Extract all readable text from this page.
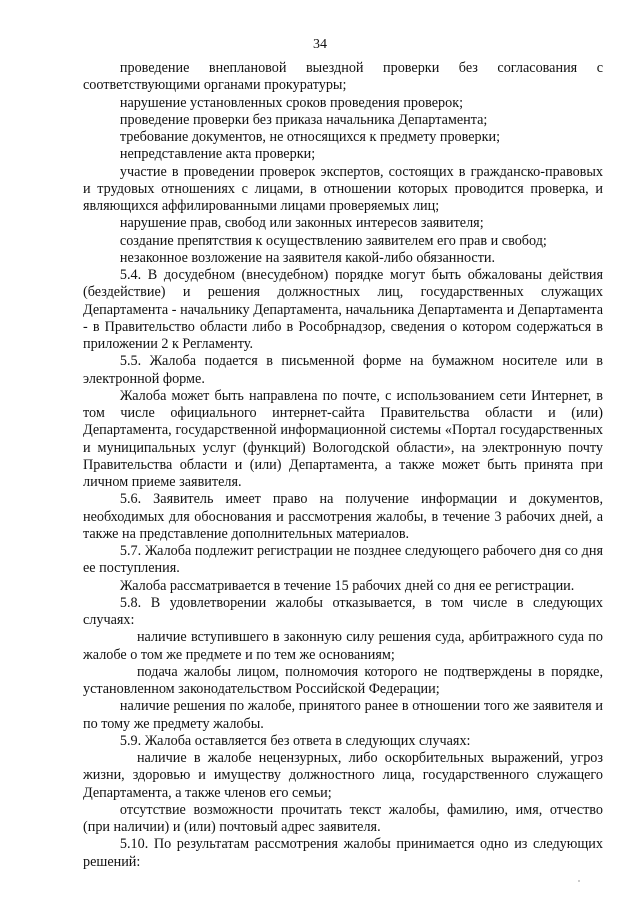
34

проведение внеплановой выездной проверки без согласования с соответствующими органами прокуратуры;

нарушение установленных сроков проведения проверок;

проведение проверки без приказа начальника Департамента;

требование документов, не относящихся к предмету проверки;

непредставление акта проверки;

участие в проведении проверок экспертов, состоящих в гражданско-правовых и трудовых отношениях с лицами, в отношении которых проводится проверка, и являющихся аффилированными лицами проверяемых лиц;

нарушение прав, свобод или законных интересов заявителя;

создание препятствия к осуществлению заявителем его прав и свобод;

незаконное возложение на заявителя какой-либо обязанности.

5.4. В досудебном (внесудебном) порядке могут быть обжалованы действия (бездействие) и решения должностных лиц, государственных служащих Департамента - начальнику Департамента, начальника Департамента и Департамента - в Правительство области либо в Рособрнадзор, сведения о котором содержаться в приложении 2 к Регламенту.

5.5. Жалоба подается в письменной форме на бумажном носителе или в электронной форме.

Жалоба может быть направлена по почте, с использованием сети Интернет, в том числе официального интернет-сайта Правительства области и (или) Департамента, государственной информационной системы «Портал государственных и муниципальных услуг (функций) Вологодской области», на электронную почту Правительства области и (или) Департамента, а также может быть принята при личном приеме заявителя.

5.6. Заявитель имеет право на получение информации и документов, необходимых для обоснования и рассмотрения жалобы, в течение 3 рабочих дней, а также на представление дополнительных материалов.

5.7. Жалоба подлежит регистрации не позднее следующего рабочего дня со дня ее поступления.

Жалоба рассматривается в течение 15 рабочих дней со дня ее регистрации.

5.8. В удовлетворении жалобы отказывается, в том числе в следующих случаях:

наличие вступившего в законную силу решения суда, арбитражного суда по жалобе о том же предмете и по тем же основаниям;

подача жалобы лицом, полномочия которого не подтверждены в порядке, установленном законодательством Российской Федерации;

наличие решения по жалобе, принятого ранее в отношении того же заявителя и по тому же предмету жалобы.

5.9. Жалоба оставляется без ответа в следующих случаях:

наличие в жалобе нецензурных, либо оскорбительных выражений, угроз жизни, здоровью и имуществу должностного лица, государственного служащего Департамента, а также членов его семьи;

отсутствие возможности прочитать текст жалобы, фамилию, имя, отчество (при наличии) и (или) почтовый адрес заявителя.

5.10. По результатам рассмотрения жалобы принимается одно из следующих решений:
